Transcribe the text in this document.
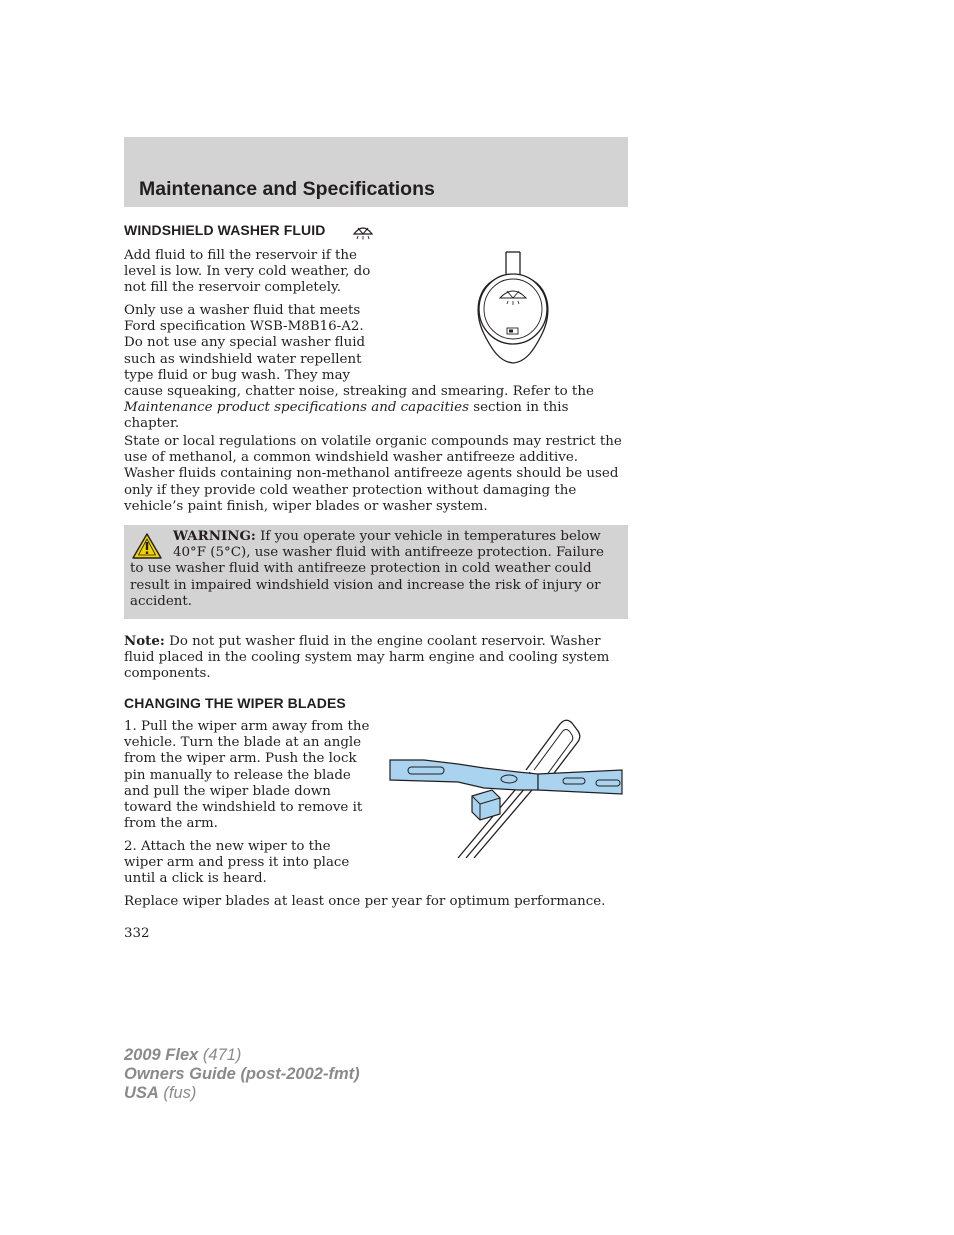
Maintenance and Specifications
WINDSHIELD WASHER FLUID

Add fluid to fill the reservoir if the
level is low. In very cold weather, do
not fill the reservoir completely.

Only use a washer fluid that meets
Ford specification WSB-M8B16-A2.
Do not use any special washer fluid
such as windshield water repellent
type fluid or bug wash. They may
cause squeaking, chatter noise, streaking and smearing. Refer to the
Maintenance product specifications and capacities section in this
chapter.

State or local regulations on volatile organic compounds may restrict the
use of methanol, a common windshield washer antifreeze additive.
Washer fluids containing non-methanol antifreeze agents should be used
only if they provide cold weather protection without damaging the
vehicle’s paint finish, wiper blades or washer system.

WARNING: If you operate your vehicle in temperatures below
40°F (5°C), use washer fluid with antifreeze protection. Failure
to use washer fluid with antifreeze protection in cold weather could
result in impaired windshield vision and increase the risk of injury or
accident.

Note: Do not put washer fluid in the engine coolant reservoir. Washer
fluid placed in the cooling system may harm engine and cooling system
components.

CHANGING THE WIPER BLADES

1. Pull the wiper arm away from the
vehicle. Turn the blade at an angle
from the wiper arm. Push the lock
pin manually to release the blade
and pull the wiper blade down
toward the windshield to remove it
from the arm.

2. Attach the new wiper to the
wiper arm and press it into place
until a click is heard.

Replace wiper blades at least once per year for optimum performance.

332

2009 Flex (471)
Owners Guide (post-2002-fmt)
USA (fus)
